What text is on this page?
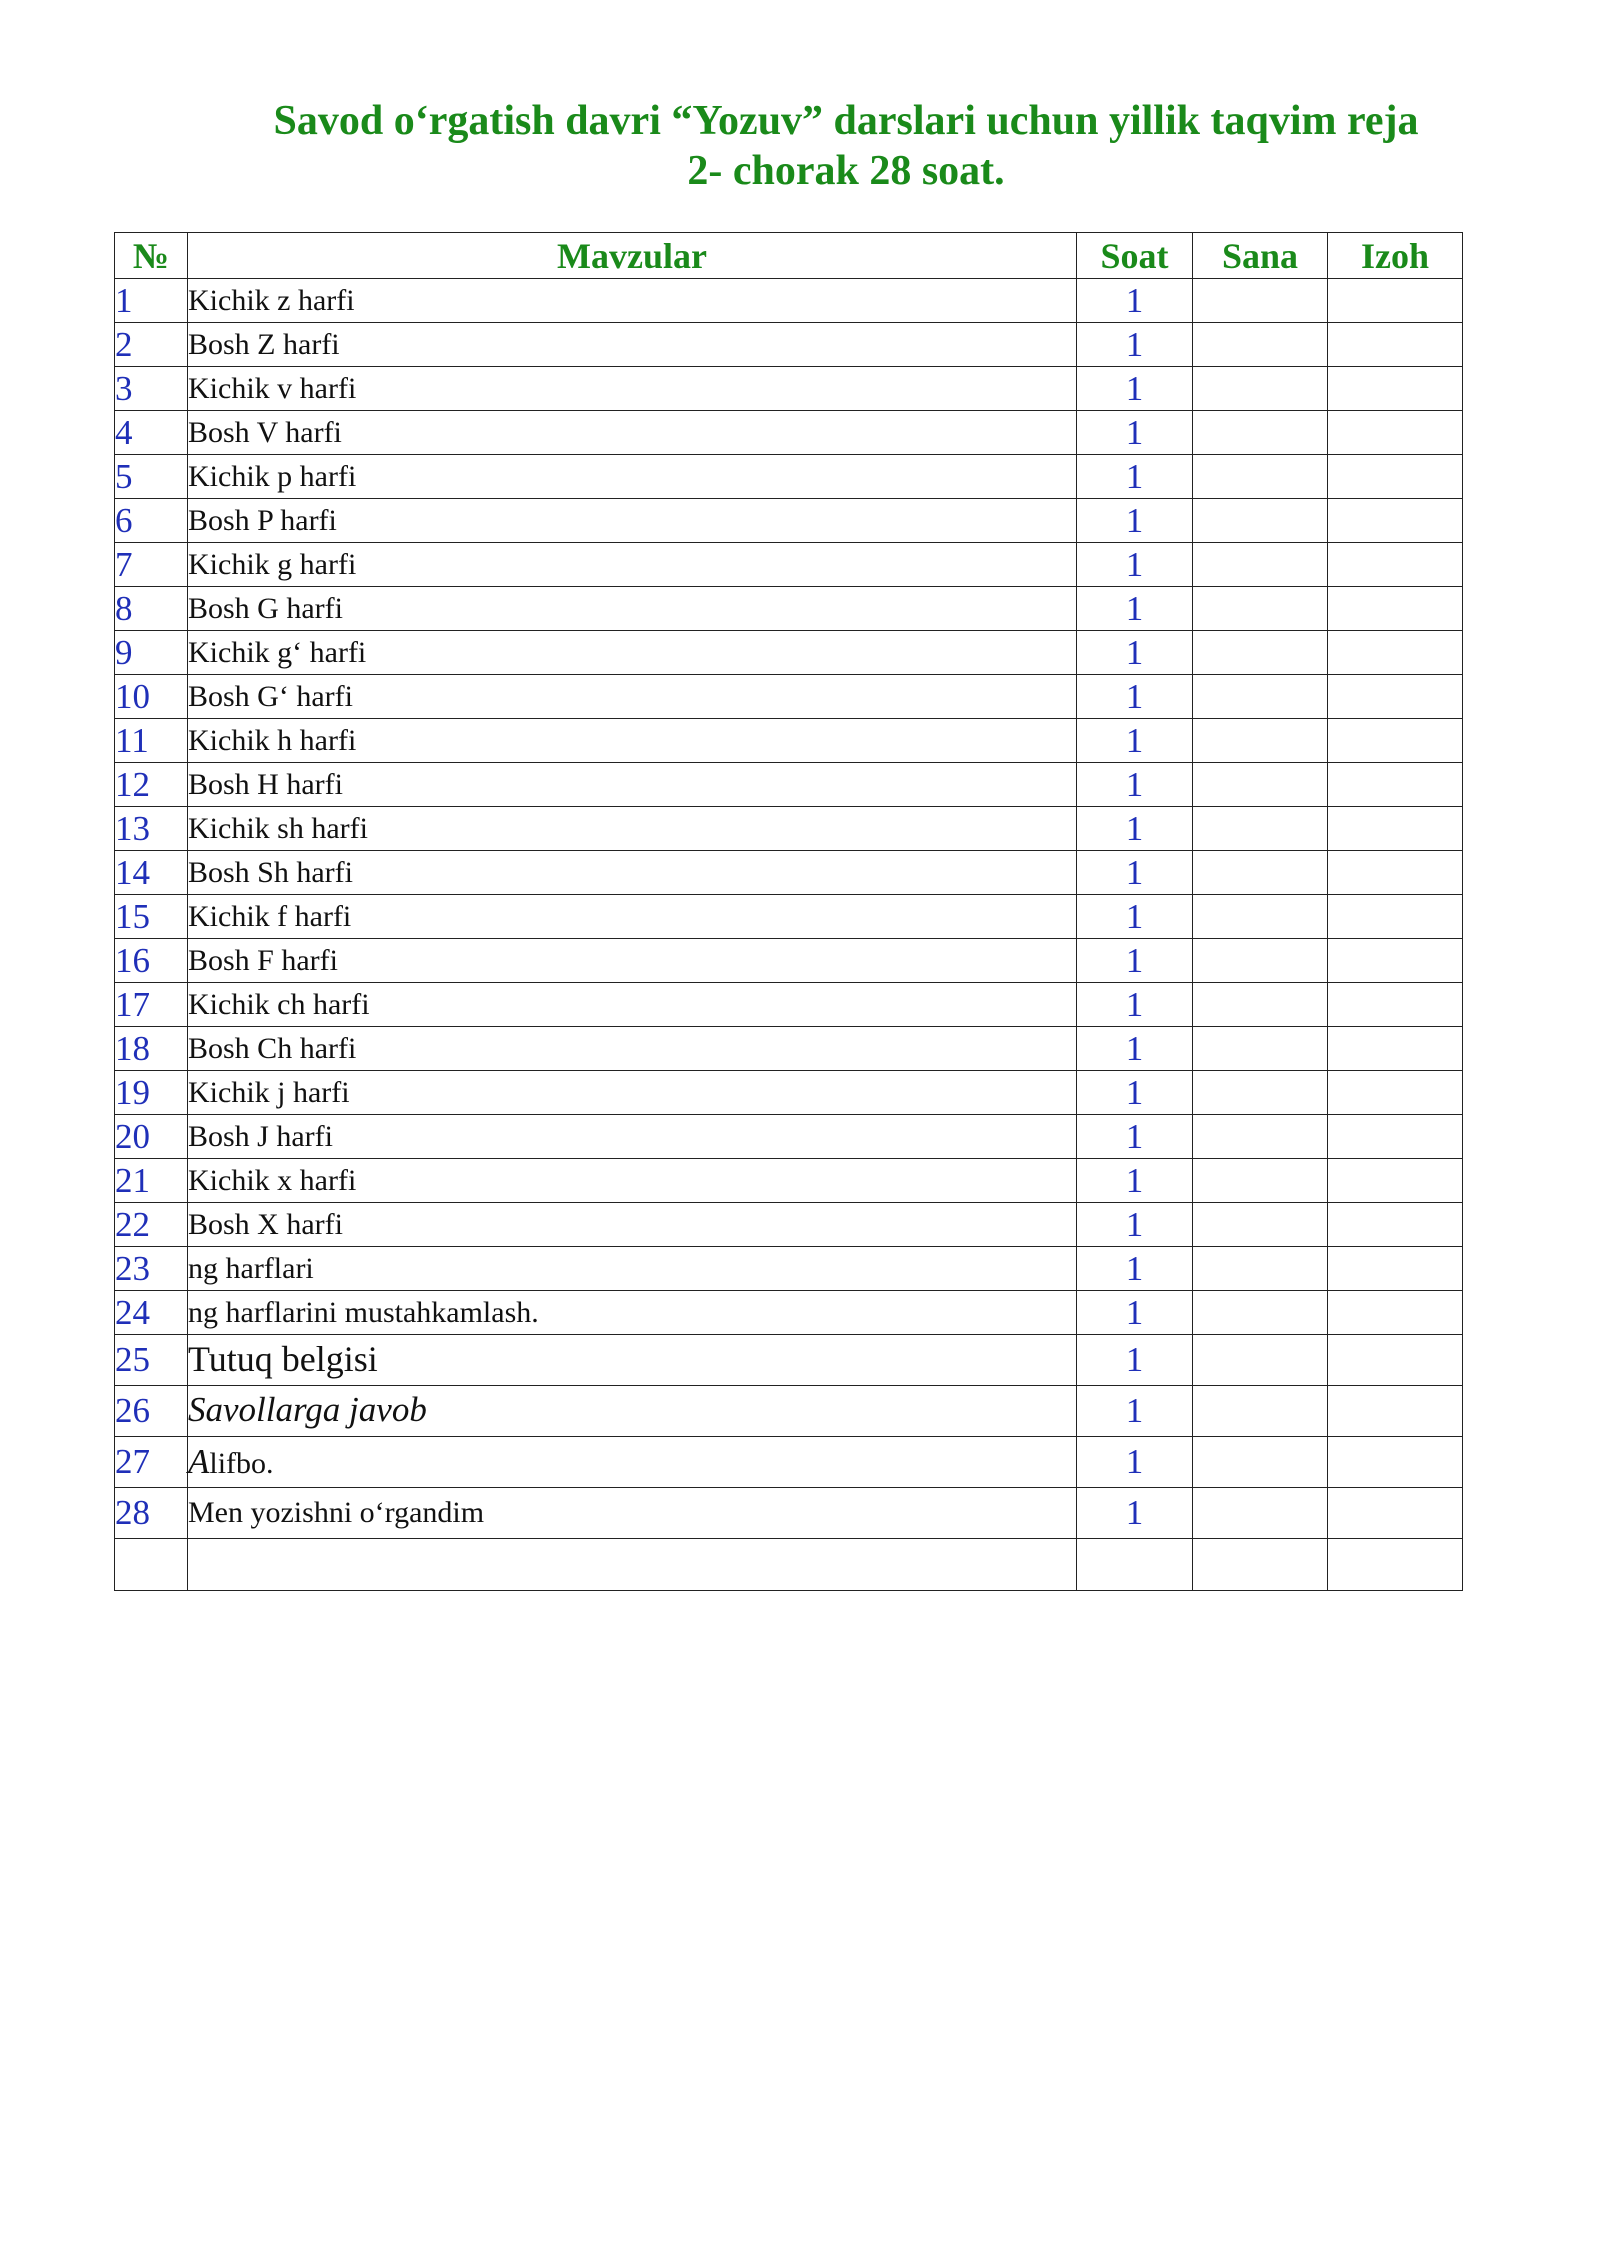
Savod o‘rgatish davri “Yozuv” darslari uchun yillik taqvim reja
2- chorak 28 soat.
№	Mavzular	Soat	Sana	Izoh
1	Kichik z harfi	1		
2	Bosh Z harfi	1		
3	Kichik v harfi	1		
4	Bosh V harfi	1		
5	Kichik p harfi	1		
6	Bosh P harfi	1		
7	Kichik g harfi	1		
8	Bosh G harfi	1		
9	Kichik g‘ harfi	1		
10	Bosh G‘ harfi	1		
11	Kichik h harfi	1		
12	Bosh H harfi	1		
13	Kichik sh harfi	1		
14	Bosh Sh harfi	1		
15	Kichik f harfi	1		
16	Bosh F harfi	1		
17	Kichik ch harfi	1		
18	Bosh Ch harfi	1		
19	Kichik j harfi	1		
20	Bosh J harfi	1		
21	Kichik x harfi	1		
22	Bosh X harfi	1		
23	ng harflari	1		
24	ng harflarini mustahkamlash.	1		
25	Tutuq belgisi	1		
26	Savollarga javob	1		
27	Alifbo.	1		
28	Men yozishni o‘rgandim	1		
